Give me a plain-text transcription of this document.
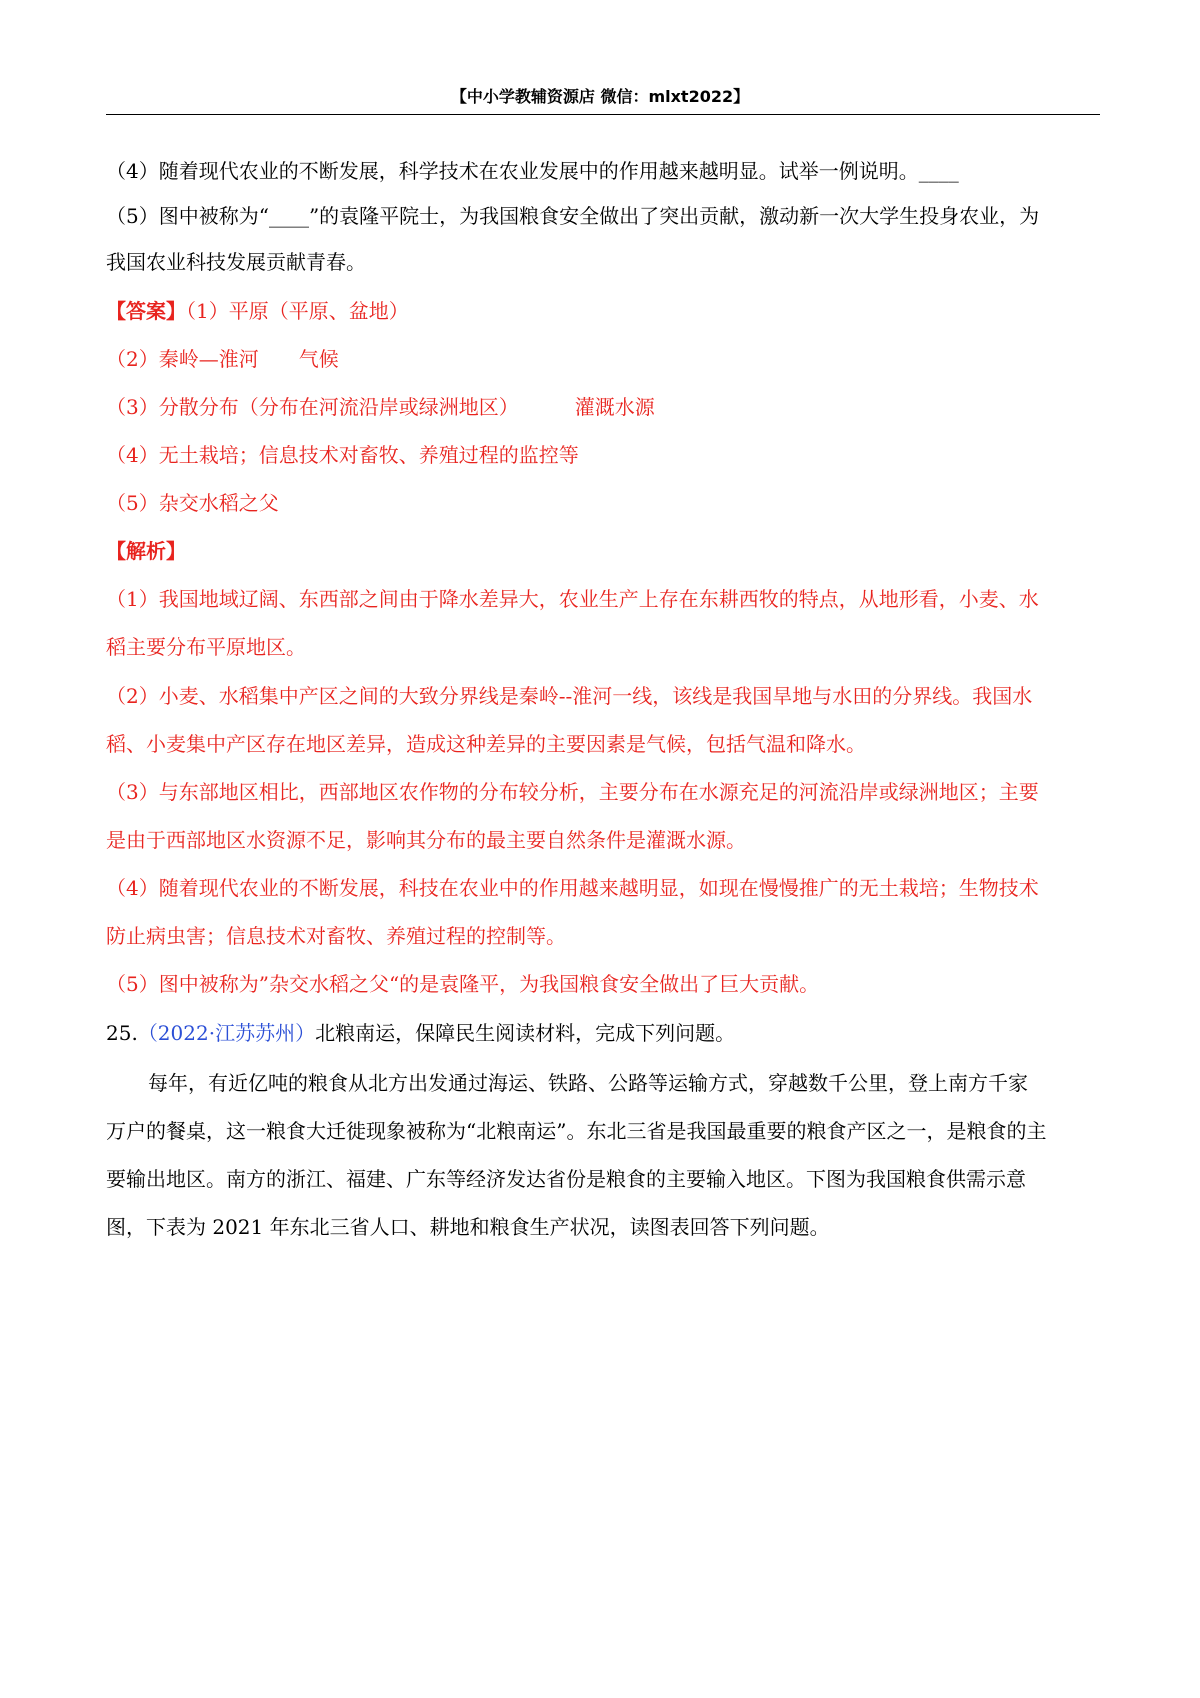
【中小学教辅资源店 微信：mlxt2022】
（4）随着现代农业的不断发展，科学技术在农业发展中的作用越来越明显。试举一例说明。____
（5）图中被称为“____”的袁隆平院士，为我国粮食安全做出了突出贡献，激动新一次大学生投身农业，为
我国农业科技发展贡献青春。
【答案】（1）平原（平原、盆地）
（2）秦岭—淮河 气候
（3）分散分布（分布在河流沿岸或绿洲地区）	灌溉水源
（4）无土栽培；信息技术对畜牧、养殖过程的监控等
（5）杂交水稻之父
【解析】
（1）我国地域辽阔、东西部之间由于降水差异大，农业生产上存在东耕西牧的特点，从地形看，小麦、水
稻主要分布平原地区。
（2）小麦、水稻集中产区之间的大致分界线是秦岭--淮河一线，该线是我国旱地与水田的分界线。我国水
稻、小麦集中产区存在地区差异，造成这种差异的主要因素是气候，包括气温和降水。
（3）与东部地区相比，西部地区农作物的分布较分析，主要分布在水源充足的河流沿岸或绿洲地区；主要
是由于西部地区水资源不足，影响其分布的最主要自然条件是灌溉水源。
（4）随着现代农业的不断发展，科技在农业中的作用越来越明显，如现在慢慢推广的无土栽培；生物技术
防止病虫害；信息技术对畜牧、养殖过程的控制等。
（5）图中被称为”杂交水稻之父“的是袁隆平，为我国粮食安全做出了巨大贡献。
25.（2022·江苏苏州）北粮南运，保障民生阅读材料，完成下列问题。
每年，有近亿吨的粮食从北方出发通过海运、铁路、公路等运输方式，穿越数千公里，登上南方千家
万户的餐桌，这一粮食大迁徙现象被称为“北粮南运”。东北三省是我国最重要的粮食产区之一，是粮食的主
要输出地区。南方的浙江、福建、广东等经济发达省份是粮食的主要输入地区。下图为我国粮食供需示意
图，下表为 2021 年东北三省人口、耕地和粮食生产状况，读图表回答下列问题。
